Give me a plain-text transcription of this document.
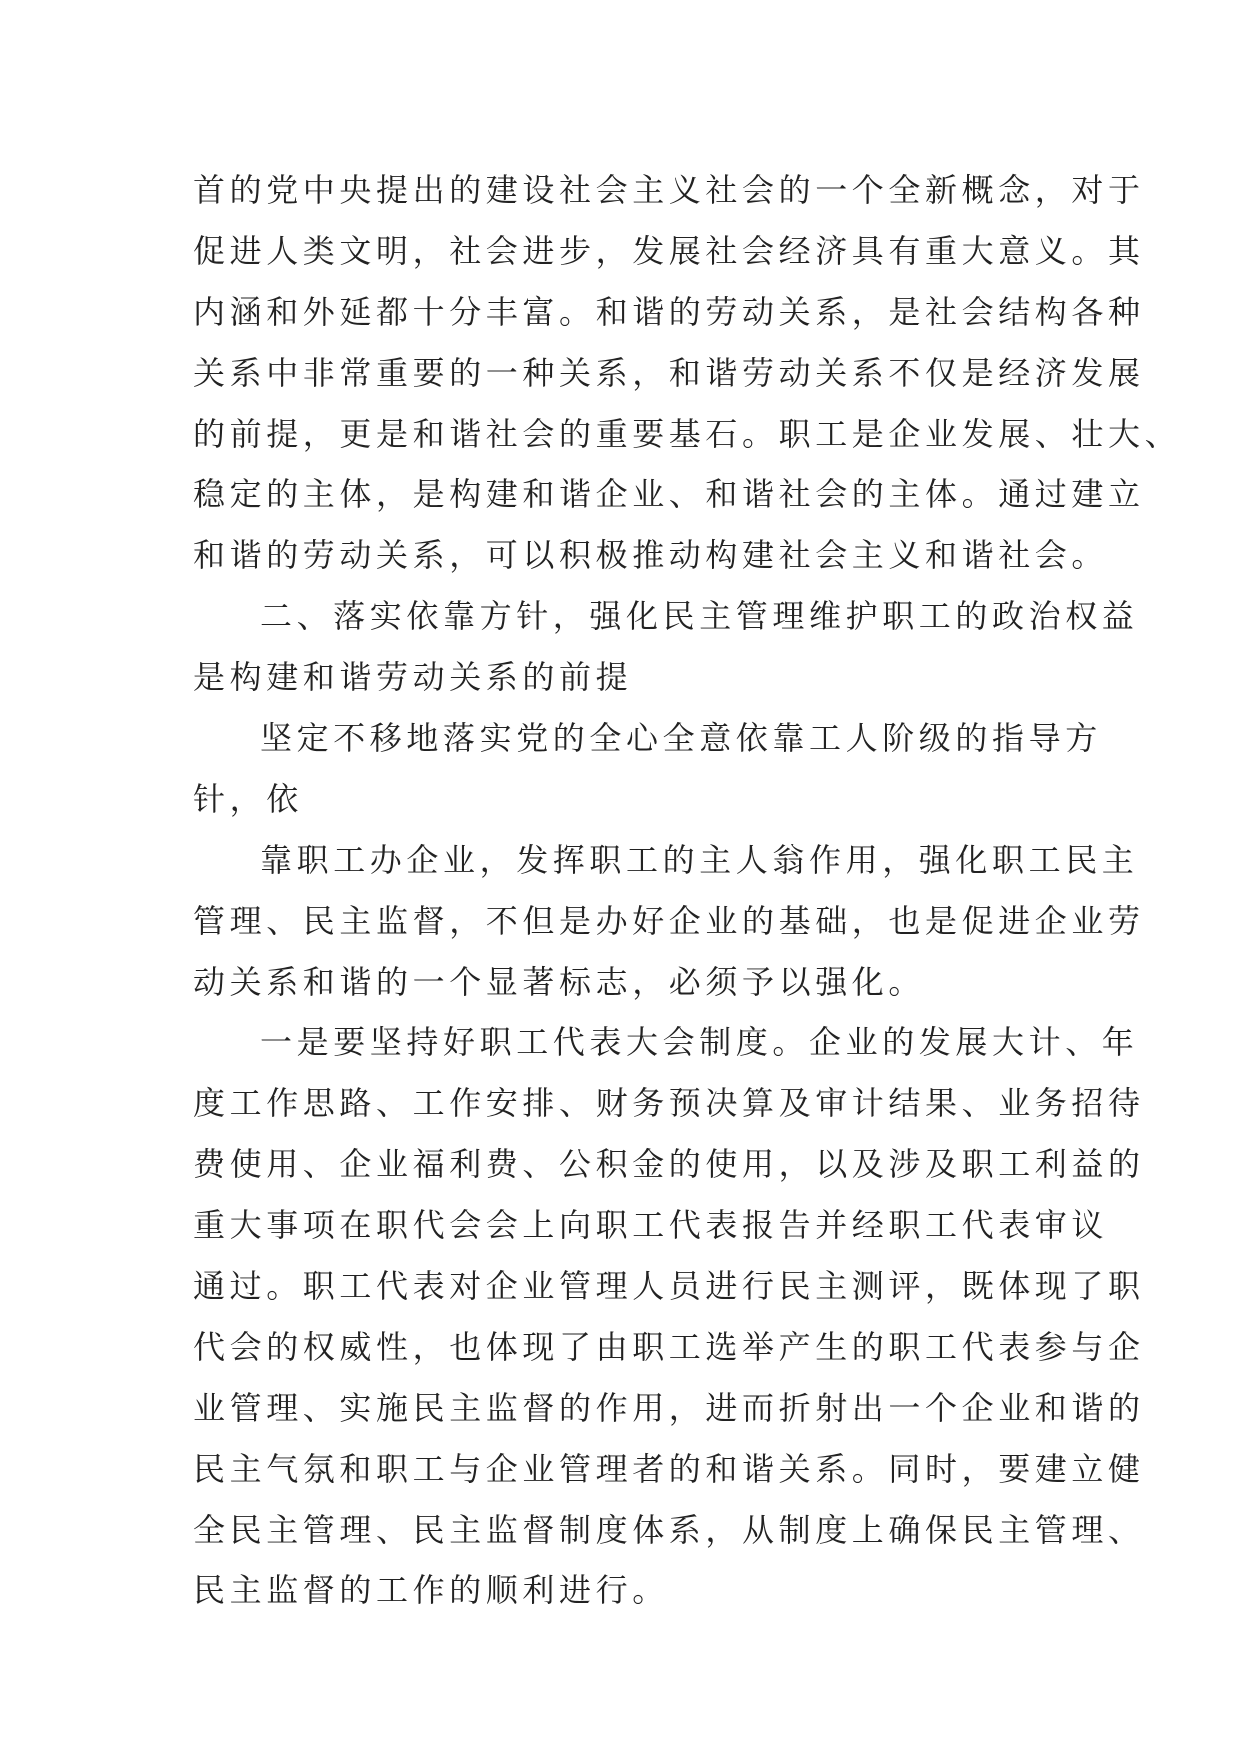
首的党中央提出的建设社会主义社会的一个全新概念，对于
促进人类文明，社会进步，发展社会经济具有重大意义。其
内涵和外延都十分丰富。和谐的劳动关系，是社会结构各种
关系中非常重要的一种关系，和谐劳动关系不仅是经济发展
的前提，更是和谐社会的重要基石。职工是企业发展、壮大、
稳定的主体，是构建和谐企业、和谐社会的主体。通过建立
和谐的劳动关系，可以积极推动构建社会主义和谐社会。
二、落实依靠方针，强化民主管理维护职工的政治权益
是构建和谐劳动关系的前提
坚定不移地落实党的全心全意依靠工人阶级的指导方
针，依
靠职工办企业，发挥职工的主人翁作用，强化职工民主
管理、民主监督，不但是办好企业的基础，也是促进企业劳
动关系和谐的一个显著标志，必须予以强化。
一是要坚持好职工代表大会制度。企业的发展大计、年
度工作思路、工作安排、财务预决算及审计结果、业务招待
费使用、企业福利费、公积金的使用，以及涉及职工利益的
重大事项在职代会会上向职工代表报告并经职工代表审议
通过。职工代表对企业管理人员进行民主测评，既体现了职
代会的权威性，也体现了由职工选举产生的职工代表参与企
业管理、实施民主监督的作用，进而折射出一个企业和谐的
民主气氛和职工与企业管理者的和谐关系。同时，要建立健
全民主管理、民主监督制度体系，从制度上确保民主管理、
民主监督的工作的顺利进行。
